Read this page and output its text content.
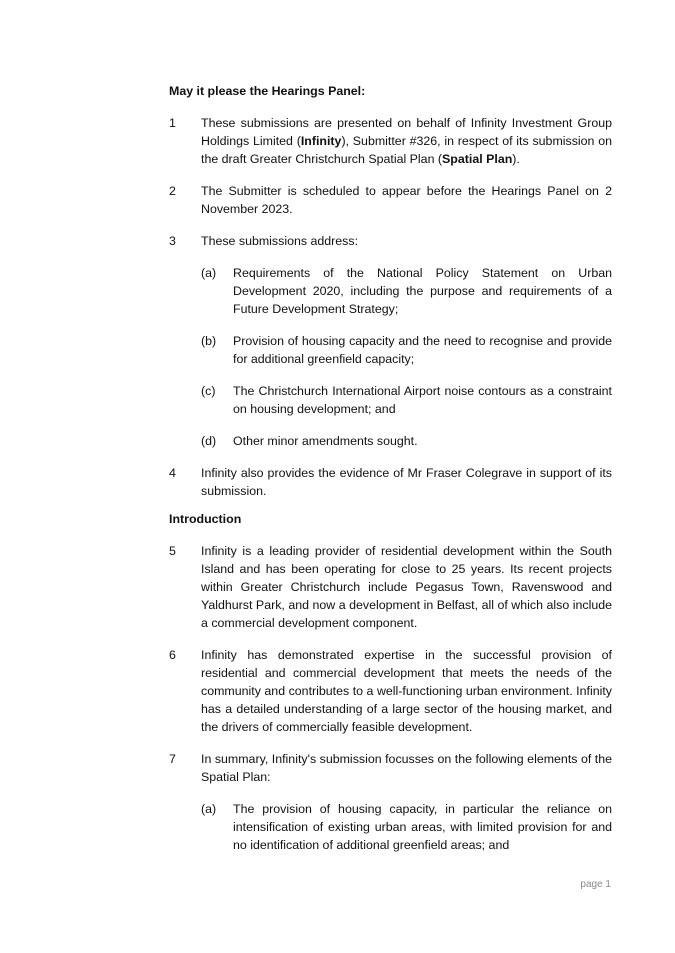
May it please the Hearings Panel:
1 These submissions are presented on behalf of Infinity Investment Group Holdings Limited (Infinity), Submitter #326, in respect of its submission on the draft Greater Christchurch Spatial Plan (Spatial Plan).
2 The Submitter is scheduled to appear before the Hearings Panel on 2 November 2023.
3 These submissions address:
(a) Requirements of the National Policy Statement on Urban Development 2020, including the purpose and requirements of a Future Development Strategy;
(b) Provision of housing capacity and the need to recognise and provide for additional greenfield capacity;
(c) The Christchurch International Airport noise contours as a constraint on housing development; and
(d) Other minor amendments sought.
4 Infinity also provides the evidence of Mr Fraser Colegrave in support of its submission.
Introduction
5 Infinity is a leading provider of residential development within the South Island and has been operating for close to 25 years. Its recent projects within Greater Christchurch include Pegasus Town, Ravenswood and Yaldhurst Park, and now a development in Belfast, all of which also include a commercial development component.
6 Infinity has demonstrated expertise in the successful provision of residential and commercial development that meets the needs of the community and contributes to a well-functioning urban environment. Infinity has a detailed understanding of a large sector of the housing market, and the drivers of commercially feasible development.
7 In summary, Infinity's submission focusses on the following elements of the Spatial Plan:
(a) The provision of housing capacity, in particular the reliance on intensification of existing urban areas, with limited provision for and no identification of additional greenfield areas; and
page 1
